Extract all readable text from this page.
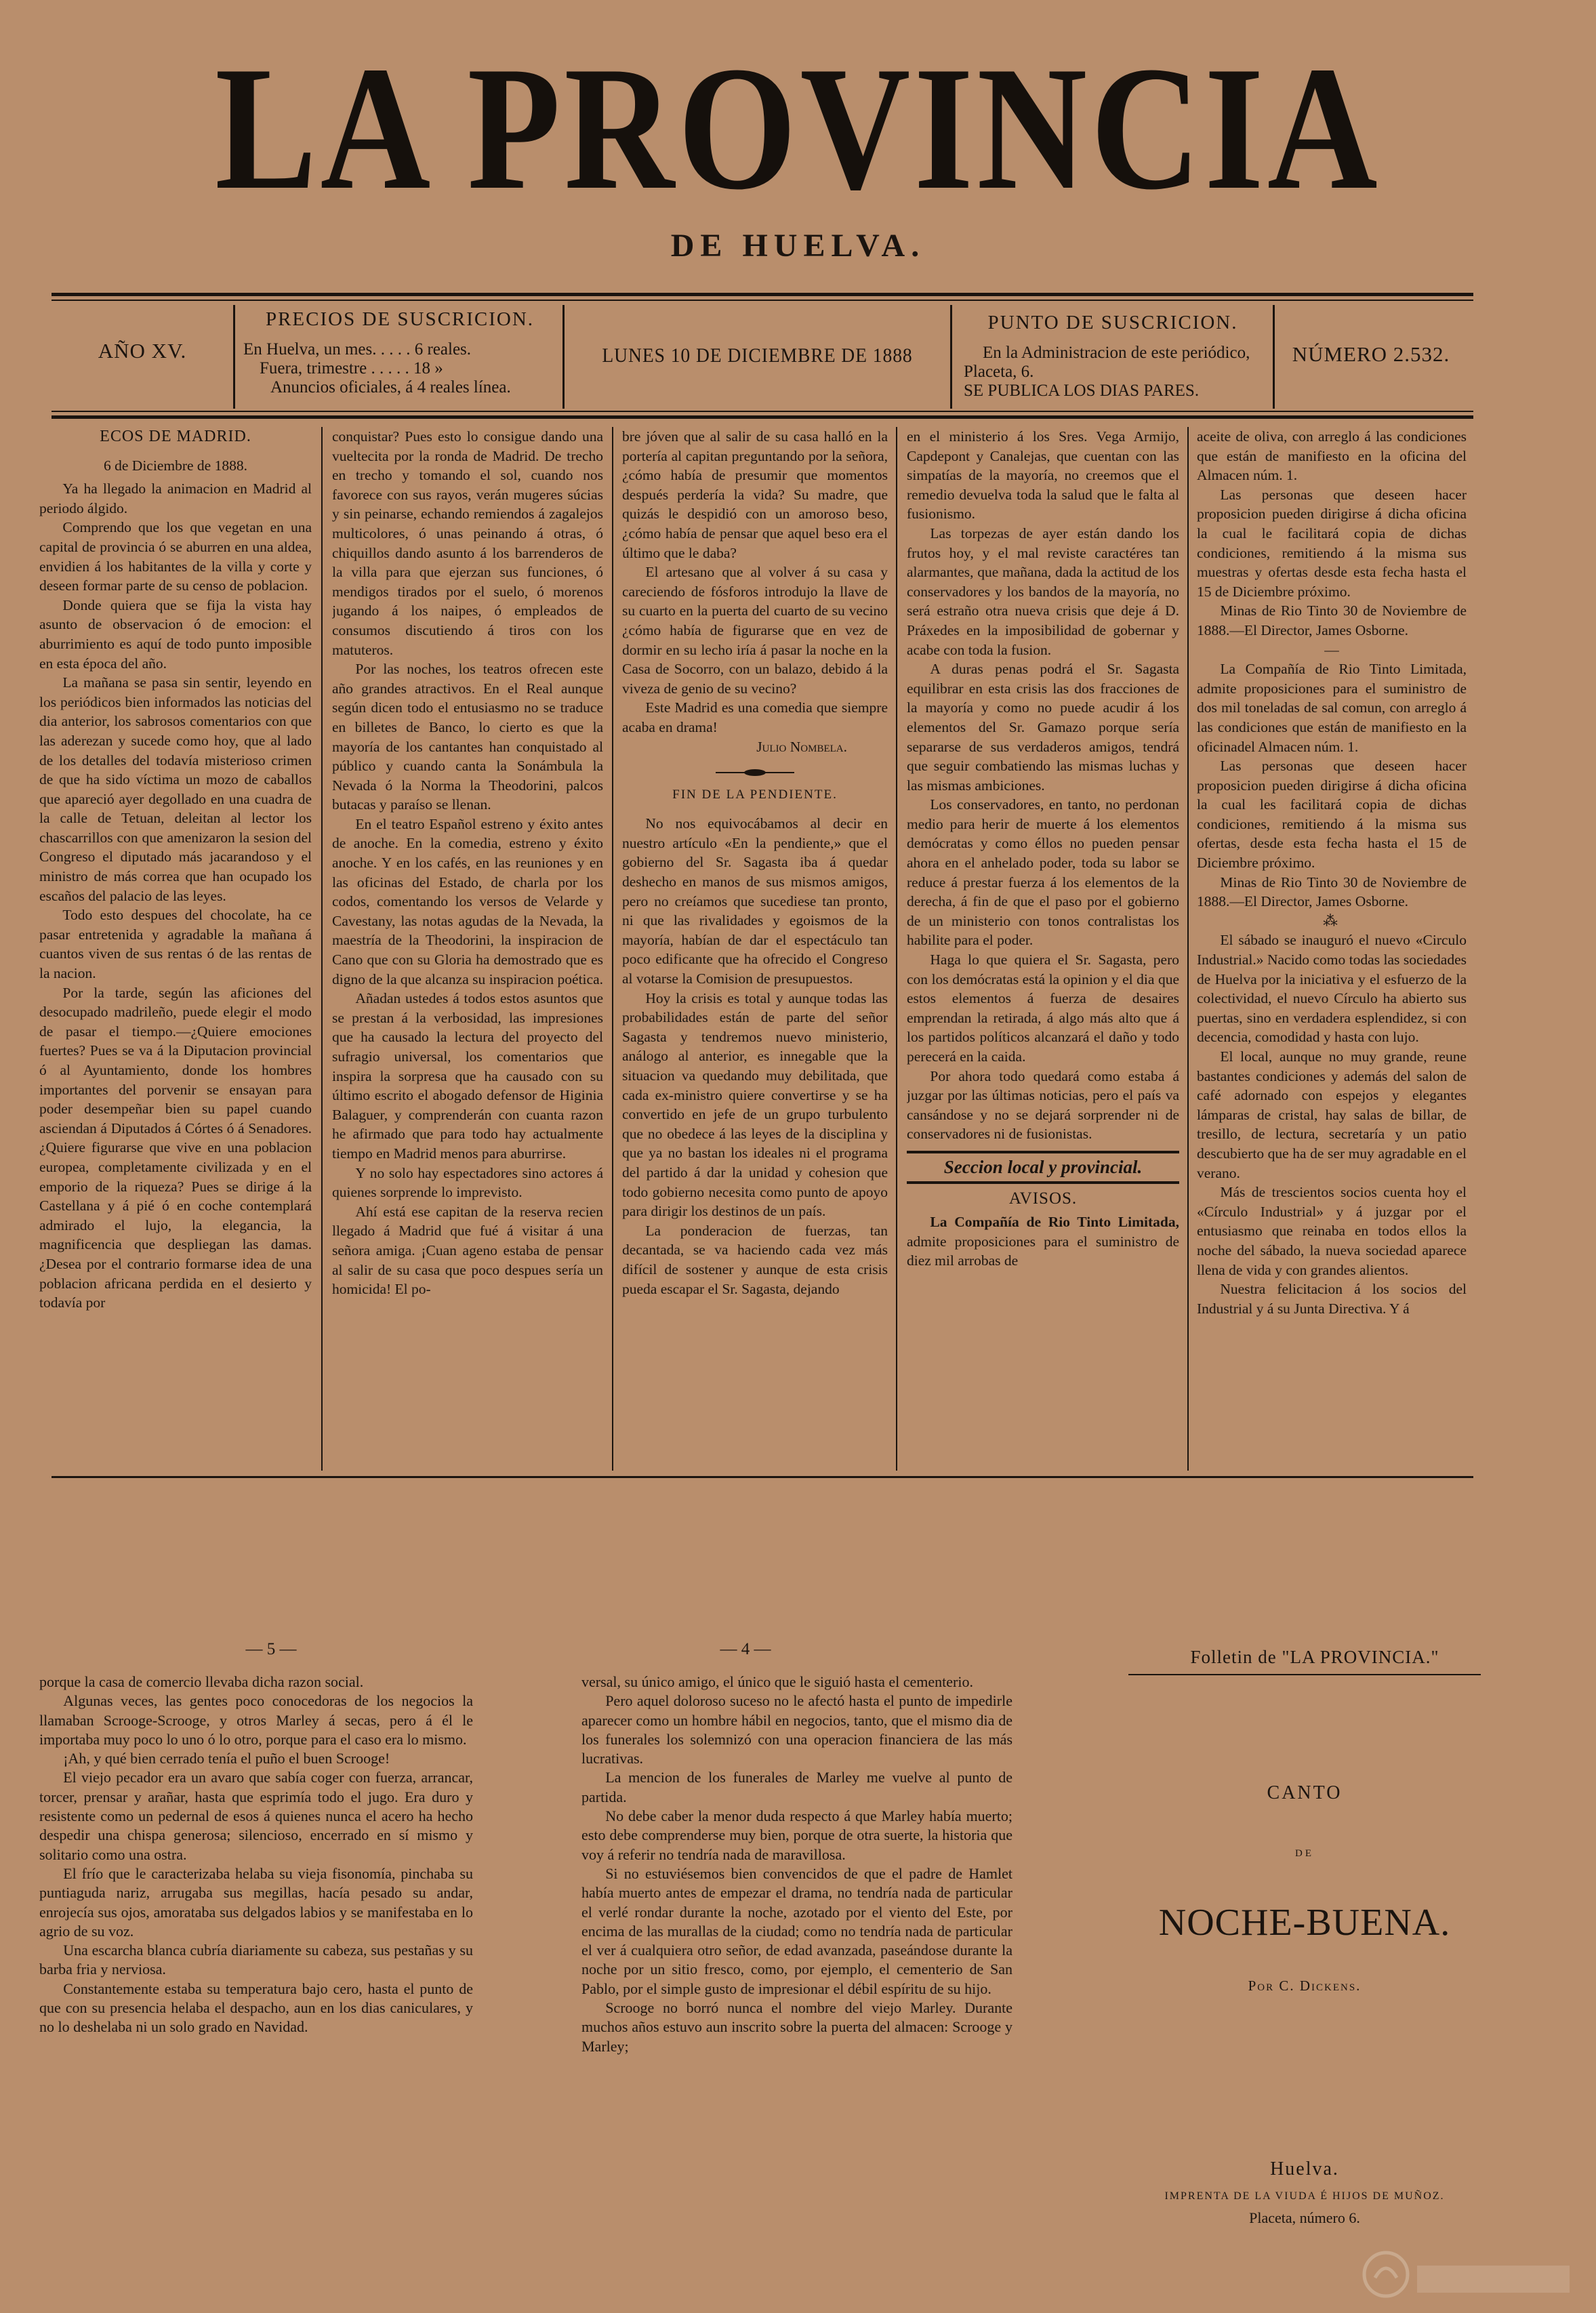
LA PROVINCIA
DE HUELVA.
AÑO XV.
PRECIOS DE SUSCRICION.
En Huelva, un mes. . . . . 6 reales.
Fuera, trimestre . . . . . 18 »
Anuncios oficiales, á 4 reales línea.
LUNES 10 DE DICIEMBRE DE 1888
PUNTO DE SUSCRICION.
En la Administracion de este periódico,
Placeta, 6.
SE PUBLICA LOS DIAS PARES.
NÚMERO 2.532.

ECOS DE MADRID.

6 de Diciembre de 1888.

Ya ha llegado la animacion en Madrid al periodo álgido.

Comprendo que los que vegetan en una capital de provincia ó se aburren en una aldea, envidien á los habitantes de la villa y corte y deseen formar parte de su censo de poblacion.

Donde quiera que se fija la vista hay asunto de observacion ó de emocion: el aburrimiento es aquí de todo punto imposible en esta época del año.

La mañana se pasa sin sentir, leyendo en los periódicos bien informados las noticias del dia anterior, los sabrosos comentarios con que las aderezan y sucede como hoy, que al lado de los detalles del todavía misterioso crimen de que ha sido víctima un mozo de caballos que apareció ayer degollado en una cuadra de la calle de Tetuan, deleitan al lector los chascarrillos con que amenizaron la sesion del Congreso el diputado más jacarandoso y el ministro de más correa que han ocupado los escaños del palacio de las leyes.

Todo esto despues del chocolate, ha ce pasar entretenida y agradable la mañana á cuantos viven de sus rentas ó de las rentas de la nacion.

Por la tarde, según las aficiones del desocupado madrileño, puede elegir el modo de pasar el tiempo.—¿Quiere emociones fuertes? Pues se va á la Diputacion provincial ó al Ayuntamiento, donde los hombres importantes del porvenir se ensayan para poder desempeñar bien su papel cuando asciendan á Diputados á Córtes ó á Senadores. ¿Quiere figurarse que vive en una poblacion europea, completamente civilizada y en el emporio de la riqueza? Pues se dirige á la Castellana y á pié ó en coche contemplará admirado el lujo, la elegancia, la magnificencia que despliegan las damas. ¿Desea por el contrario formarse idea de una poblacion africana perdida en el desierto y todavía por

conquistar? Pues esto lo consigue dando una vueltecita por la ronda de Madrid. De trecho en trecho y tomando el sol, cuando nos favorece con sus rayos, verán mugeres súcias y sin peinarse, echando remiendos á zagalejos multicolores, ó unas peinando á otras, ó chiquillos dando asunto á los barrenderos de la villa para que ejerzan sus funciones, ó mendigos tirados por el suelo, ó morenos jugando á los naipes, ó empleados de consumos discutiendo á tiros con los matuteros.

Por las noches, los teatros ofrecen este año grandes atractivos. En el Real aunque según dicen todo el entusiasmo no se traduce en billetes de Banco, lo cierto es que la mayoría de los cantantes han conquistado al público y cuando canta la Sonámbula la Nevada ó la Norma la Theodorini, palcos butacas y paraíso se llenan.

En el teatro Español estreno y éxito antes de anoche. En la comedia, estreno y éxito anoche. Y en los cafés, en las reuniones y en las oficinas del Estado, de charla por los codos, comentando los versos de Velarde y Cavestany, las notas agudas de la Nevada, la maestría de la Theodorini, la inspiracion de Cano que con su Gloria ha demostrado que es digno de la que alcanza su inspiracion poética.

Añadan ustedes á todos estos asuntos que se prestan á la verbosidad, las impresiones que ha causado la lectura del proyecto del sufragio universal, los comentarios que inspira la sorpresa que ha causado con su último escrito el abogado defensor de Higinia Balaguer, y comprenderán con cuanta razon he afirmado que para todo hay actualmente tiempo en Madrid menos para aburrirse.

Y no solo hay espectadores sino actores á quienes sorprende lo imprevisto.

Ahí está ese capitan de la reserva recien llegado á Madrid que fué á visitar á una señora amiga. ¡Cuan ageno estaba de pensar al salir de su casa que poco despues sería un homicida! El po-

bre jóven que al salir de su casa halló en la portería al capitan preguntando por la señora, ¿cómo había de presumir que momentos después perdería la vida? Su madre, que quizás le despidió con un amoroso beso, ¿cómo había de pensar que aquel beso era el último que le daba?

El artesano que al volver á su casa y careciendo de fósforos introdujo la llave de su cuarto en la puerta del cuarto de su vecino ¿cómo había de figurarse que en vez de dormir en su lecho iría á pasar la noche en la Casa de Socorro, con un balazo, debido á la viveza de genio de su vecino?

Este Madrid es una comedia que siempre acaba en drama!

Julio Nombela.

FIN DE LA PENDIENTE.

No nos equivocábamos al decir en nuestro artículo «En la pendiente,» que el gobierno del Sr. Sagasta iba á quedar deshecho en manos de sus mismos amigos, pero no creíamos que sucediese tan pronto, ni que las rivalidades y egoismos de la mayoría, habían de dar el espectáculo tan poco edificante que ha ofrecido el Congreso al votarse la Comision de presupuestos.

Hoy la crisis es total y aunque todas las probabilidades están de parte del señor Sagasta y tendremos nuevo ministerio, análogo al anterior, es innegable que la situacion va quedando muy debilitada, que cada ex-ministro quiere convertirse y se ha convertido en jefe de un grupo turbulento que no obedece á las leyes de la disciplina y que ya no bastan los ideales ni el programa del partido á dar la unidad y cohesion que todo gobierno necesita como punto de apoyo para dirigir los destinos de un país.

La ponderacion de fuerzas, tan decantada, se va haciendo cada vez más difícil de sostener y aunque de esta crisis pueda escapar el Sr. Sagasta, dejando

en el ministerio á los Sres. Vega Armijo, Capdepont y Canalejas, que cuentan con las simpatías de la mayoría, no creemos que el remedio devuelva toda la salud que le falta al fusionismo.

Las torpezas de ayer están dando los frutos hoy, y el mal reviste caractéres tan alarmantes, que mañana, dada la actitud de los conservadores y los bandos de la mayoría, no será estraño otra nueva crisis que deje á D. Práxedes en la imposibilidad de gobernar y acabe con toda la fusion.

A duras penas podrá el Sr. Sagasta equilibrar en esta crisis las dos fracciones de la mayoría y como no puede acudir á los elementos del Sr. Gamazo porque sería separarse de sus verdaderos amigos, tendrá que seguir combatiendo las mismas luchas y las mismas ambiciones.

Los conservadores, en tanto, no perdonan medio para herir de muerte á los elementos demócratas y como éllos no pueden pensar ahora en el anhelado poder, toda su labor se reduce á prestar fuerza á los elementos de la derecha, á fin de que el paso por el gobierno de un ministerio con tonos contralistas los habilite para el poder.

Haga lo que quiera el Sr. Sagasta, pero con los demócratas está la opinion y el dia que estos elementos á fuerza de desaires emprendan la retirada, á algo más alto que á los partidos políticos alcanzará el daño y todo perecerá en la caida.

Por ahora todo quedará como estaba á juzgar por las últimas noticias, pero el país va cansándose y no se dejará sorprender ni de conservadores ni de fusionistas.

Seccion local y provincial.

AVISOS.

La Compañía de Rio Tinto Limitada, admite proposiciones para el suministro de diez mil arrobas de

aceite de oliva, con arreglo á las condiciones que están de manifiesto en la oficina del Almacen núm. 1.

Las personas que deseen hacer proposicion pueden dirigirse á dicha oficina la cual le facilitará copia de dichas condiciones, remitiendo á la misma sus muestras y ofertas desde esta fecha hasta el 15 de Diciembre próximo.

Minas de Rio Tinto 30 de Noviembre de 1888.—El Director, James Osborne.

—

La Compañía de Rio Tinto Limitada, admite proposiciones para el suministro de dos mil toneladas de sal comun, con arreglo á las condiciones que están de manifiesto en la oficinadel Almacen núm. 1.

Las personas que deseen hacer proposicion pueden dirigirse á dicha oficina la cual les facilitará copia de dichas condiciones, remitiendo á la misma sus ofertas, desde esta fecha hasta el 15 de Diciembre próximo.

Minas de Rio Tinto 30 de Noviembre de 1888.—El Director, James Osborne.

⁂

El sábado se inauguró el nuevo «Circulo Industrial.» Nacido como todas las sociedades de Huelva por la iniciativa y el esfuerzo de la colectividad, el nuevo Círculo ha abierto sus puertas, sino en verdadera esplendidez, si con decencia, comodidad y hasta con lujo.

El local, aunque no muy grande, reune bastantes condiciones y además del salon de café adornado con espejos y elegantes lámparas de cristal, hay salas de billar, de tresillo, de lectura, secretaría y un patio descubierto que ha de ser muy agradable en el verano.

Más de trescientos socios cuenta hoy el «Círculo Industrial» y á juzgar por el entusiasmo que reinaba en todos ellos la noche del sábado, la nueva sociedad aparece llena de vida y con grandes alientos.

Nuestra felicitacion á los socios del Industrial y á su Junta Directiva. Y á

— 5 —	— 4 —

porque la casa de comercio llevaba dicha razon social.

Algunas veces, las gentes poco conocedoras de los negocios la llamaban Scrooge-Scrooge, y otros Marley á secas, pero á él le importaba muy poco lo uno ó lo otro, porque para el caso era lo mismo.

¡Ah, y qué bien cerrado tenía el puño el buen Scrooge!

El viejo pecador era un avaro que sabía coger con fuerza, arrancar, torcer, prensar y arañar, hasta que esprimía todo el jugo. Era duro y resistente como un pedernal de esos á quienes nunca el acero ha hecho despedir una chispa generosa; silencioso, encerrado en sí mismo y solitario como una ostra.

El frío que le caracterizaba helaba su vieja fisonomía, pinchaba su puntiaguda nariz, arrugaba sus megillas, hacía pesado su andar, enrojecía sus ojos, amorataba sus delgados labios y se manifestaba en lo agrio de su voz.

Una escarcha blanca cubría diariamente su cabeza, sus pestañas y su barba fria y nerviosa.

Constantemente estaba su temperatura bajo cero, hasta el punto de que con su presencia helaba el despacho, aun en los dias caniculares, y no lo deshelaba ni un solo grado en Navidad.

versal, su único amigo, el único que le siguió hasta el cementerio.

Pero aquel doloroso suceso no le afectó hasta el punto de impedirle aparecer como un hombre hábil en negocios, tanto, que el mismo dia de los funerales los solemnizó con una operacion financiera de las más lucrativas.

La mencion de los funerales de Marley me vuelve al punto de partida.

No debe caber la menor duda respecto á que Marley había muerto; esto debe comprenderse muy bien, porque de otra suerte, la historia que voy á referir no tendría nada de maravillosa.

Si no estuviésemos bien convencidos de que el padre de Hamlet había muerto antes de empezar el drama, no tendría nada de particular el verlé rondar durante la noche, azotado por el viento del Este, por encima de las murallas de la ciudad; como no tendría nada de particular el ver á cualquiera otro señor, de edad avanzada, paseándose durante la noche por un sitio fresco, como, por ejemplo, el cementerio de San Pablo, por el simple gusto de impresionar el débil espíritu de su hijo.

Scrooge no borró nunca el nombre del viejo Marley. Durante muchos años estuvo aun inscrito sobre la puerta del almacen: Scrooge y Marley;

Folletin de "LA PROVINCIA."
CANTO
DE
NOCHE-BUENA.
Por C. Dickens.
Huelva.
IMPRENTA DE LA VIUDA É HIJOS DE MUÑOZ.
Placeta, número 6.
